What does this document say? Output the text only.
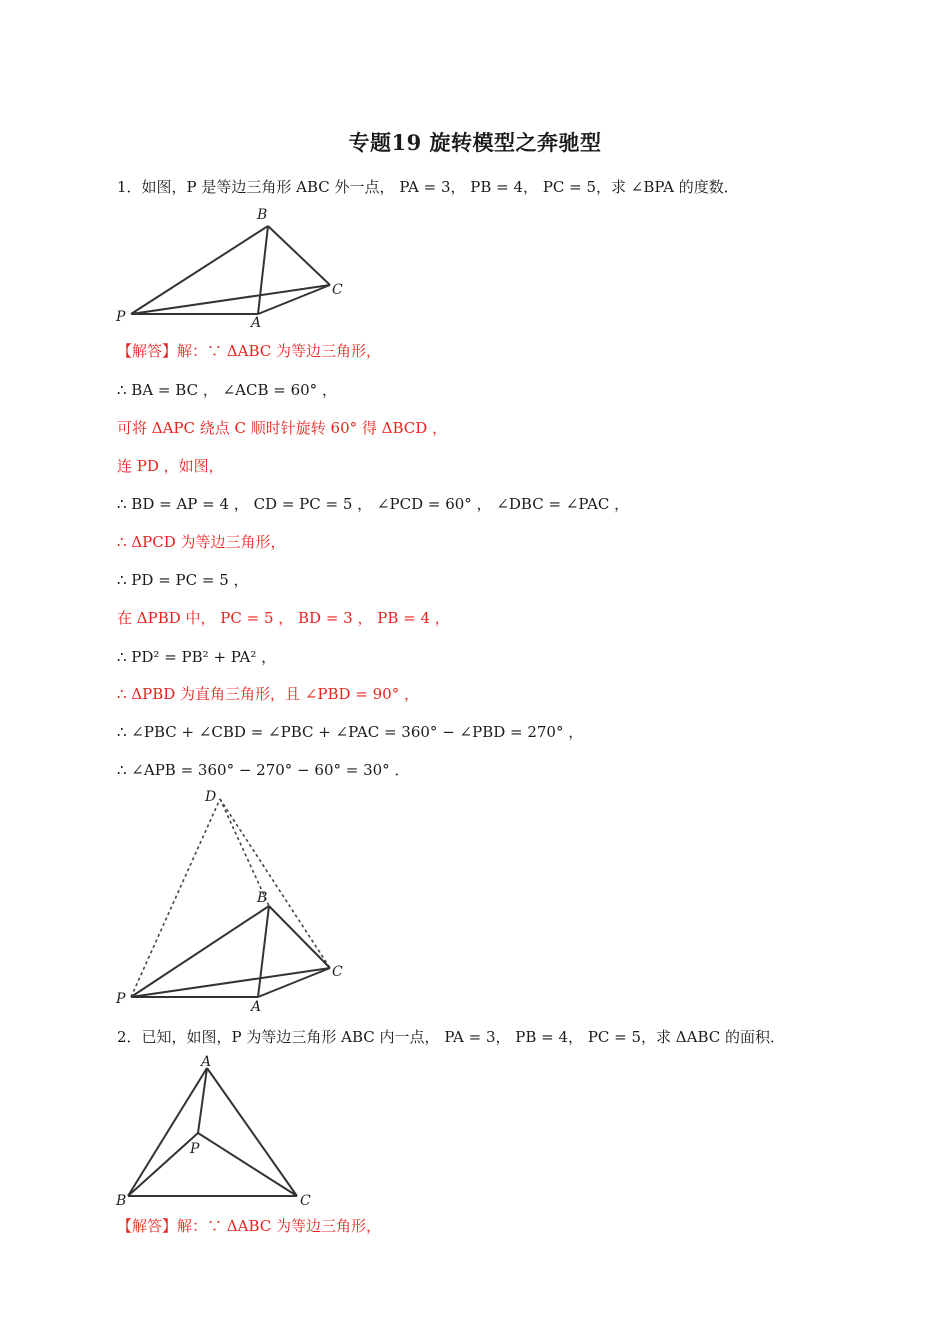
专题19 旋转模型之奔驰型
1．如图，P 是等边三角形 ABC 外一点， PA = 3， PB = 4， PC = 5，求 ∠BPA 的度数．
B
C
P	A
【解答】解：∵ ΔABC 为等边三角形，
∴ BA = BC ， ∠ACB = 60° ，
可将 ΔAPC 绕点 C 顺时针旋转 60° 得 ΔBCD ，
连 PD ，如图，
∴ BD = AP = 4 ， CD = PC = 5 ， ∠PCD = 60° ， ∠DBC = ∠PAC ，
∴ ΔPCD 为等边三角形，
∴ PD = PC = 5 ，
在 ΔPBD 中， PC = 5 ， BD = 3 ， PB = 4 ，
∴ PD² = PB² + PA² ，
∴ ΔPBD 为直角三角形，且 ∠PBD = 90° ，
∴ ∠PBC + ∠CBD = ∠PBC + ∠PAC = 360° − ∠PBD = 270° ，
∴ ∠APB = 360° − 270° − 60° = 30° ．
D
B
C
P	A
2．已知，如图，P 为等边三角形 ABC 内一点， PA = 3， PB = 4， PC = 5，求 ΔABC 的面积．
A
P
B	C
【解答】解：∵ ΔABC 为等边三角形，
